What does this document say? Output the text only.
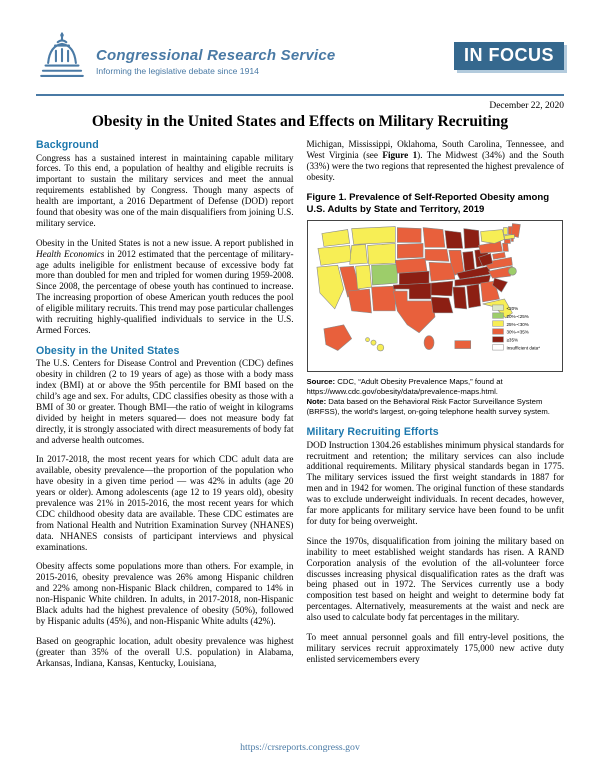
Congressional Research Service
Informing the legislative debate since 1914
IN FOCUS
December 22, 2020
Obesity in the United States and Effects on Military Recruiting
Background

Congress has a sustained interest in maintaining capable military forces. To this end, a population of healthy and eligible recruits is important to sustain the military services and meet the annual requirements established by Congress. Though many aspects of health are important, a 2016 Department of Defense (DOD) report found that obesity was one of the main disqualifiers from joining U.S. military service.

Obesity in the United States is not a new issue. A report published in Health Economics in 2012 estimated that the percentage of military-age adults ineligible for enlistment because of excessive body fat more than doubled for men and tripled for women during 1959-2008. Since 2008, the percentage of obese youth has continued to increase. The increasing proportion of obese American youth reduces the pool of eligible military recruits. This trend may pose particular challenges with recruiting highly-qualified individuals to service in the U.S. Armed Forces.

Obesity in the United States

The U.S. Centers for Disease Control and Prevention (CDC) defines obesity in children (2 to 19 years of age) as those with a body mass index (BMI) at or above the 95th percentile for BMI based on the child’s age and sex. For adults, CDC classifies obesity as those with a BMI of 30 or greater. Though BMI—the ratio of weight in kilograms divided by height in meters squared— does not measure body fat directly, it is strongly associated with direct measurements of body fat and adverse health outcomes.

In 2017-2018, the most recent years for which CDC adult data are available, obesity prevalence—the proportion of the population who have obesity in a given time period — was 42% in adults (age 20 years or older). Among adolescents (age 12 to 19 years old), obesity prevalence was 21% in 2015-2016, the most recent years for which CDC childhood obesity data are available. These CDC estimates are from National Health and Nutrition Examination Survey (NHANES) data. NHANES consists of participant interviews and physical examinations.

Obesity affects some populations more than others. For example, in 2015-2016, obesity prevalence was 26% among Hispanic children and 22% among non-Hispanic Black children, compared to 14% in non-Hispanic White children. In adults, in 2017-2018, non-Hispanic Black adults had the highest prevalence of obesity (50%), followed by Hispanic adults (45%), and non-Hispanic White adults (42%).

Based on geographic location, adult obesity prevalence was highest (greater than 35% of the overall U.S. population) in Alabama, Arkansas, Indiana, Kansas, Kentucky, Louisiana,

Michigan, Mississippi, Oklahoma, South Carolina, Tennessee, and West Virginia (see Figure 1). The Midwest (34%) and the South (33%) were the two regions that represented the highest prevalence of obesity.

Figure 1. Prevalence of Self-Reported Obesity among U.S. Adults by State and Territory, 2019
<20%
20%-<25%
25%-<30%
30%-<35%
≥35%
Insufficient data*
Source: CDC, “Adult Obesity Prevalence Maps,” found at https://www.cdc.gov/obesity/data/prevalence-maps.html.
Note: Data based on the Behavioral Risk Factor Surveillance System (BRFSS), the world’s largest, on-going telephone health survey system.
Military Recruiting Efforts

DOD Instruction 1304.26 establishes minimum physical standards for recruitment and retention; the military services can also include additional requirements. Military physical standards began in 1775. The military services issued the first weight standards in 1887 for men and in 1942 for women. The original function of these standards was to exclude underweight individuals. In recent decades, however, far more applicants for military service have been found to be unfit for duty for being overweight.

Since the 1970s, disqualification from joining the military based on inability to meet established weight standards has risen. A RAND Corporation analysis of the evolution of the all-volunteer force discusses increasing physical disqualification rates as the draft was being phased out in 1972. The Services currently use a body composition test based on height and weight to determine body fat percentages. Alternatively, measurements at the waist and neck are also used to calculate body fat percentages in the military.

To meet annual personnel goals and fill entry-level positions, the military services recruit approximately 175,000 new active duty enlisted servicemembers every

https://crsreports.congress.gov
